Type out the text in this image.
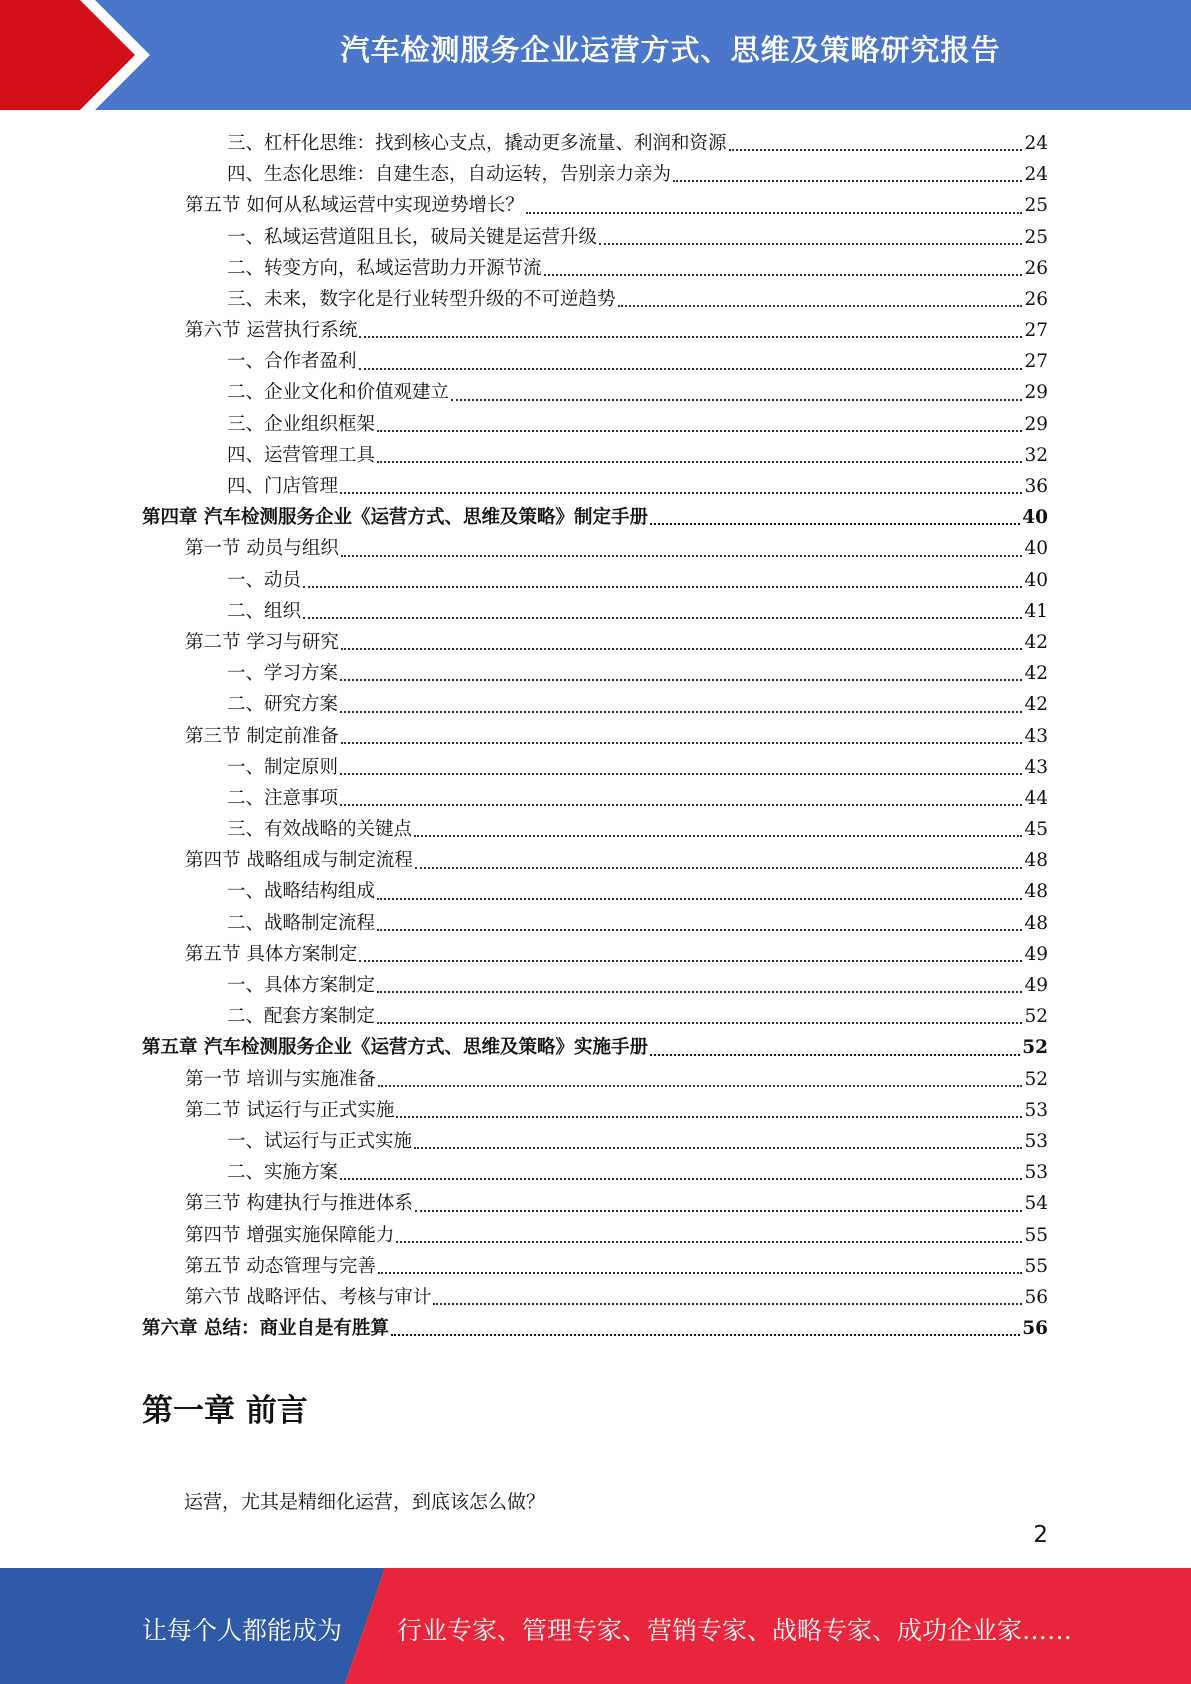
汽车检测服务企业运营方式、思维及策略研究报告
三、杠杆化思维：找到核心支点，撬动更多流量、利润和资源	24
四、生态化思维：自建生态，自动运转，告别亲力亲为	24
第五节 如何从私域运营中实现逆势增长？	25
一、私域运营道阻且长，破局关键是运营升级	25
二、转变方向，私域运营助力开源节流	26
三、未来，数字化是行业转型升级的不可逆趋势	26
第六节 运营执行系统	27
一、合作者盈利	27
二、企业文化和价值观建立	29
三、企业组织框架	29
四、运营管理工具	32
四、门店管理	36
第四章 汽车检测服务企业《运营方式、思维及策略》制定手册	40
第一节 动员与组织	40
一、动员	40
二、组织	41
第二节 学习与研究	42
一、学习方案	42
二、研究方案	42
第三节 制定前准备	43
一、制定原则	43
二、注意事项	44
三、有效战略的关键点	45
第四节 战略组成与制定流程	48
一、战略结构组成	48
二、战略制定流程	48
第五节 具体方案制定	49
一、具体方案制定	49
二、配套方案制定	52
第五章 汽车检测服务企业《运营方式、思维及策略》实施手册	52
第一节 培训与实施准备	52
第二节 试运行与正式实施	53
一、试运行与正式实施	53
二、实施方案	53
第三节 构建执行与推进体系	54
第四节 增强实施保障能力	55
第五节 动态管理与完善	55
第六节 战略评估、考核与审计	56
第六章 总结：商业自是有胜算	56
第一章 前言
运营，尤其是精细化运营，到底该怎么做？
2
让每个人都能成为 行业专家、管理专家、营销专家、战略专家、成功企业家……
